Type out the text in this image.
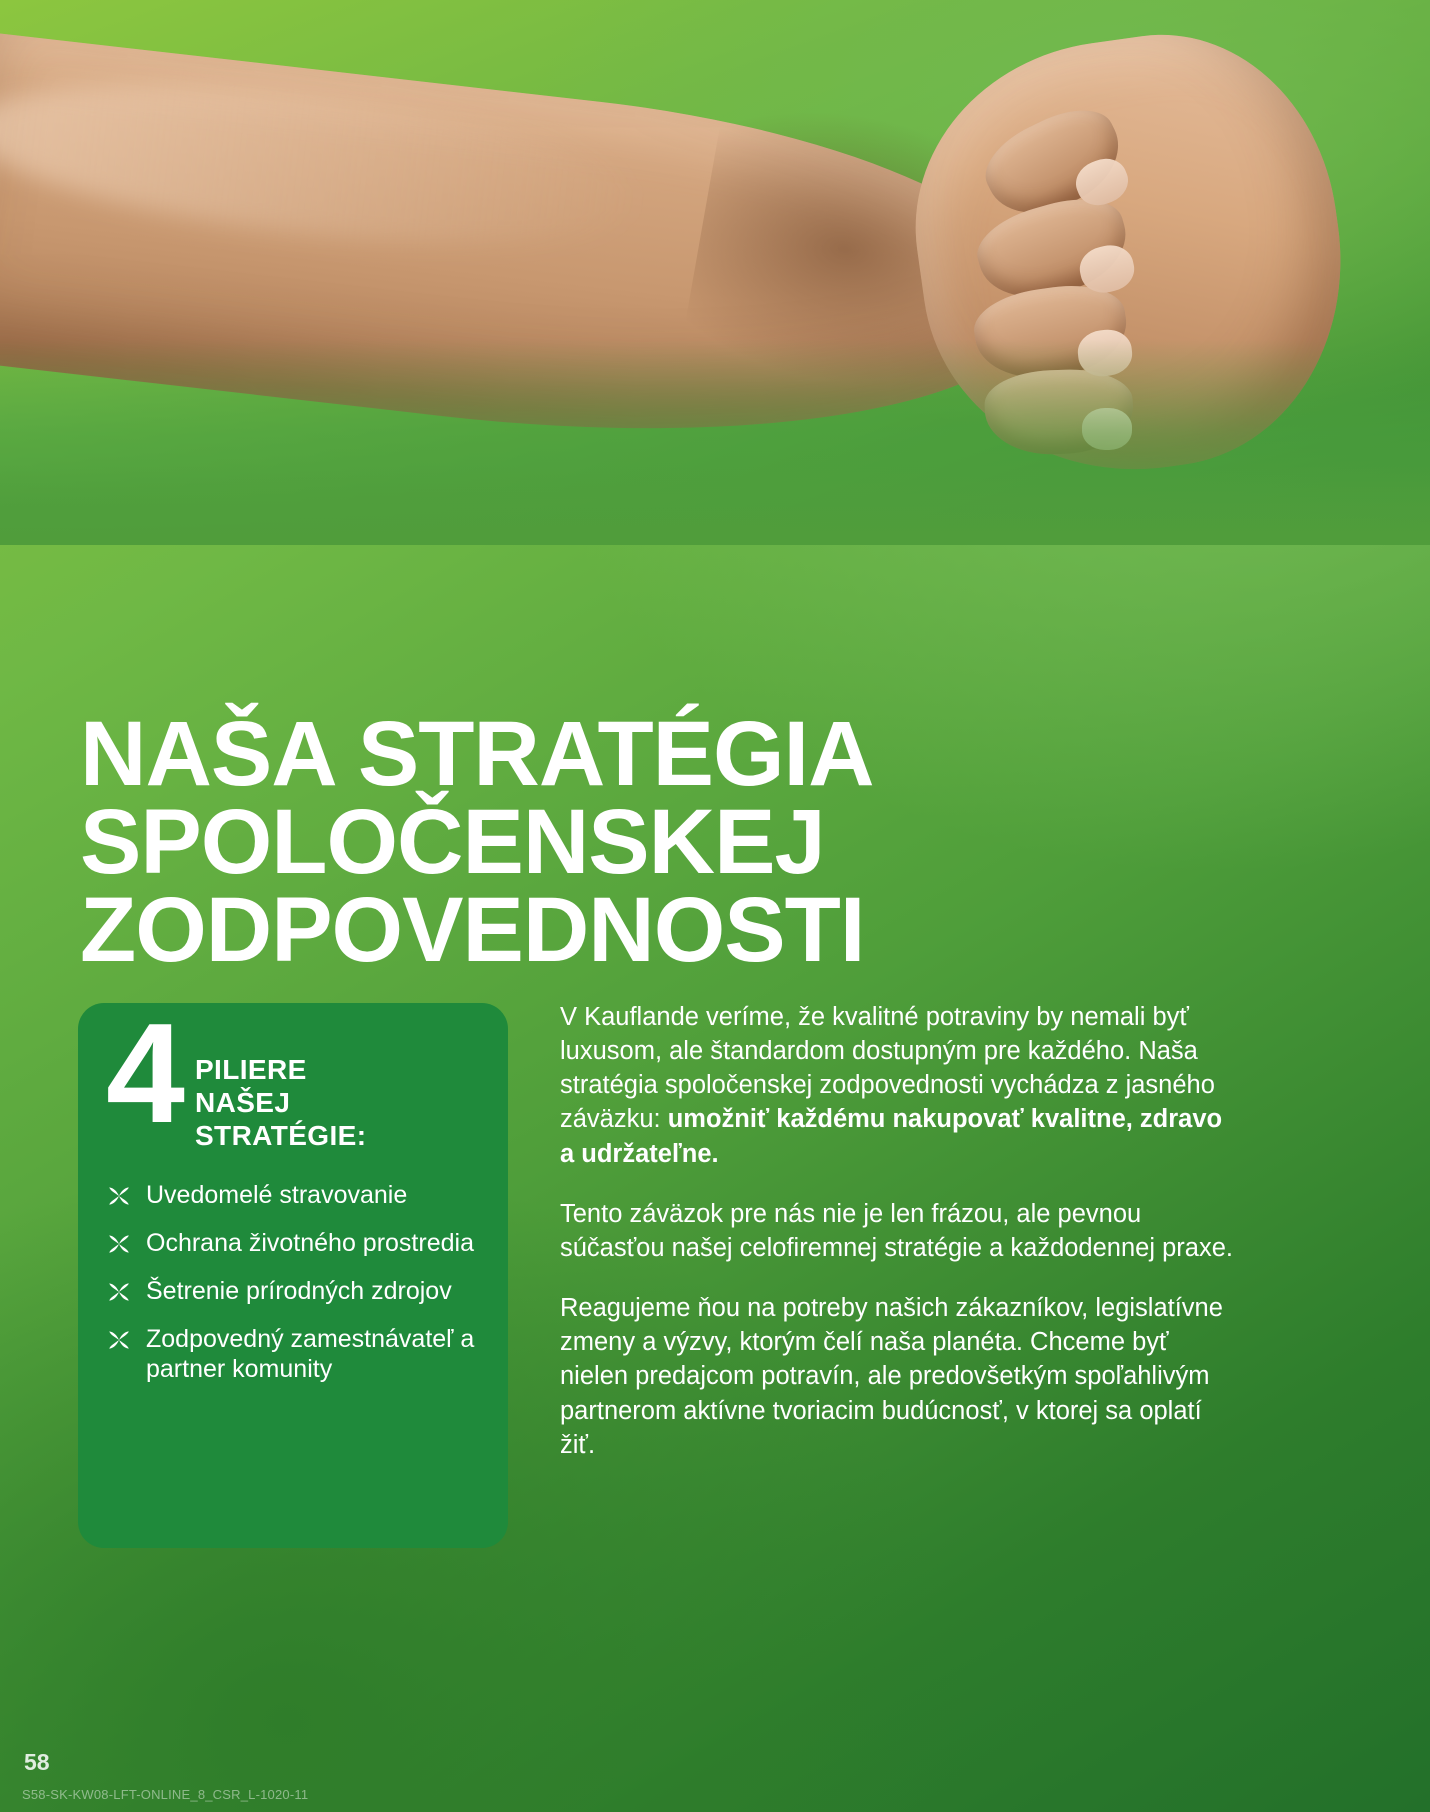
NAŠA STRATÉGIA
SPOLOČENSKEJ
ZODPOVEDNOSTI
4 PILIERE
NAŠEJ
STRATÉGIE:
Uvedomelé stravovanie
Ochrana životného prostredia
Šetrenie prírodných zdrojov
Zodpovedný zamestnávateľ a partner komunity

V Kauflande veríme, že kvalitné potraviny by nemali byť luxusom, ale štandardom dostupným pre každého. Naša stratégia spoločenskej zodpovednosti vychádza z jasného záväzku: umožniť každému nakupovať kvalitne, zdravo a udržateľne.

Tento záväzok pre nás nie je len frázou, ale pevnou súčasťou našej celofiremnej stratégie a každodennej praxe.

Reagujeme ňou na potreby našich zákazníkov, legislatívne zmeny a výzvy, ktorým čelí naša planéta. Chceme byť nielen predajcom potravín, ale predovšetkým spoľahlivým partnerom aktívne tvoriacim budúcnosť, v ktorej sa oplatí žiť.

58
S58-SK-KW08-LFT-ONLINE_8_CSR_L-1020-11
